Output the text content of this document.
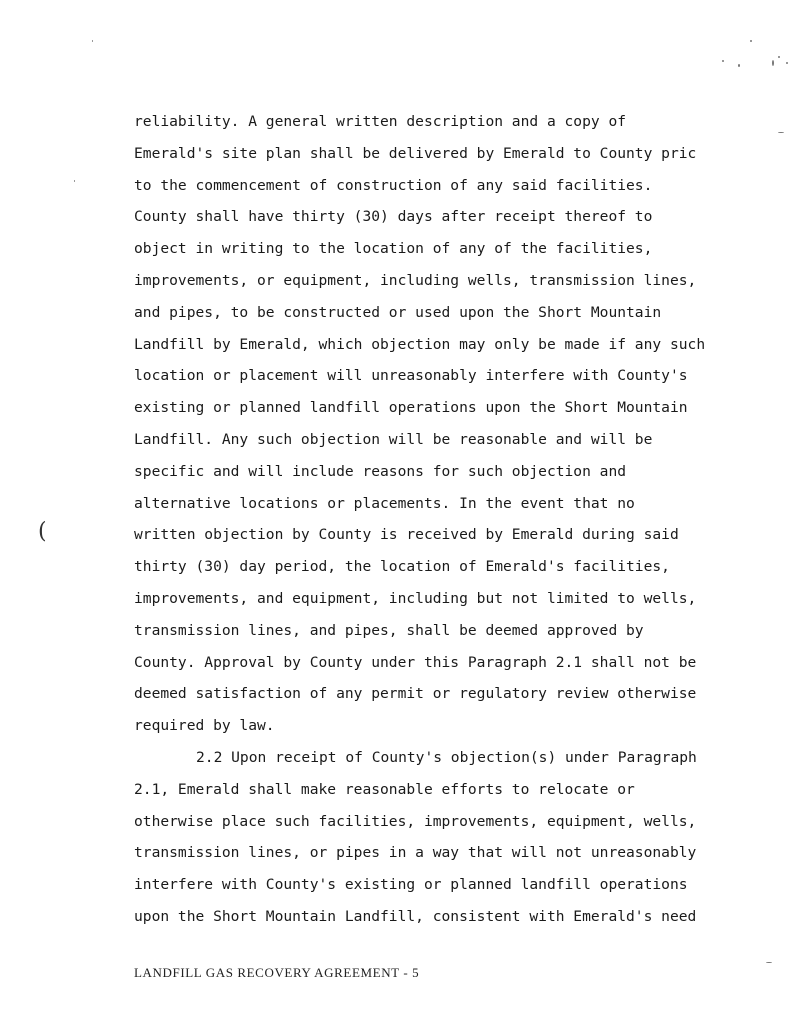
(
reliability. A general written description and a copy of
Emerald's site plan shall be delivered by Emerald to County pric
to the commencement of construction of any said facilities.
County shall have thirty (30) days after receipt thereof to
object in writing to the location of any of the facilities,
improvements, or equipment, including wells, transmission lines,
and pipes, to be constructed or used upon the Short Mountain
Landfill by Emerald, which objection may only be made if any such
location or placement will unreasonably interfere with County's
existing or planned landfill operations upon the Short Mountain
Landfill. Any such objection will be reasonable and will be
specific and will include reasons for such objection and
alternative locations or placements. In the event that no
written objection by County is received by Emerald during said
thirty (30) day period, the location of Emerald's facilities,
improvements, and equipment, including but not limited to wells,
transmission lines, and pipes, shall be deemed approved by
County. Approval by County under this Paragraph 2.1 shall not be
deemed satisfaction of any permit or regulatory review otherwise
required by law.
2.2 Upon receipt of County's objection(s) under Paragraph
2.1, Emerald shall make reasonable efforts to relocate or
otherwise place such facilities, improvements, equipment, wells,
transmission lines, or pipes in a way that will not unreasonably
interfere with County's existing or planned landfill operations
upon the Short Mountain Landfill, consistent with Emerald's need
LANDFILL GAS RECOVERY AGREEMENT - 5
